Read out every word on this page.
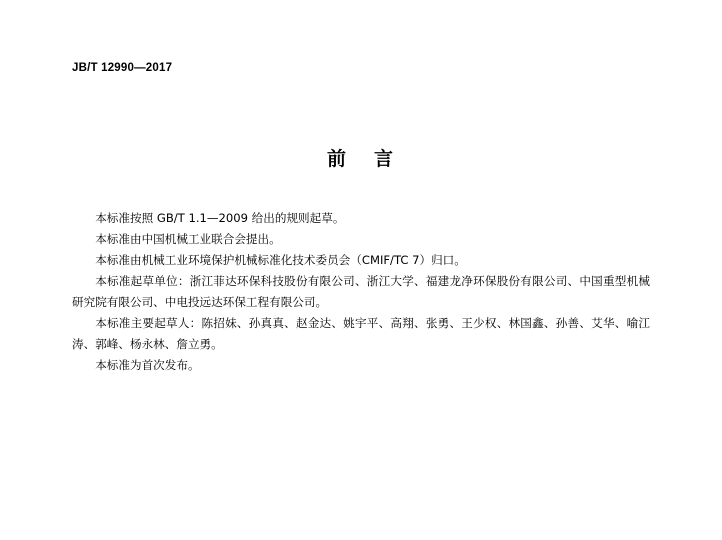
JB/T 12990—2017
前 言

本标准按照 GB/T 1.1—2009 给出的规则起草。

本标准由中国机械工业联合会提出。

本标准由机械工业环境保护机械标准化技术委员会（CMIF/TC 7）归口。

本标准起草单位：浙江菲达环保科技股份有限公司、浙江大学、福建龙净环保股份有限公司、中国重型机械研究院有限公司、中电投远达环保工程有限公司。

本标准主要起草人：陈招妹、孙真真、赵金达、姚宇平、高翔、张勇、王少权、林国鑫、孙善、艾华、喻江涛、郭峰、杨永林、詹立勇。

本标准为首次发布。
